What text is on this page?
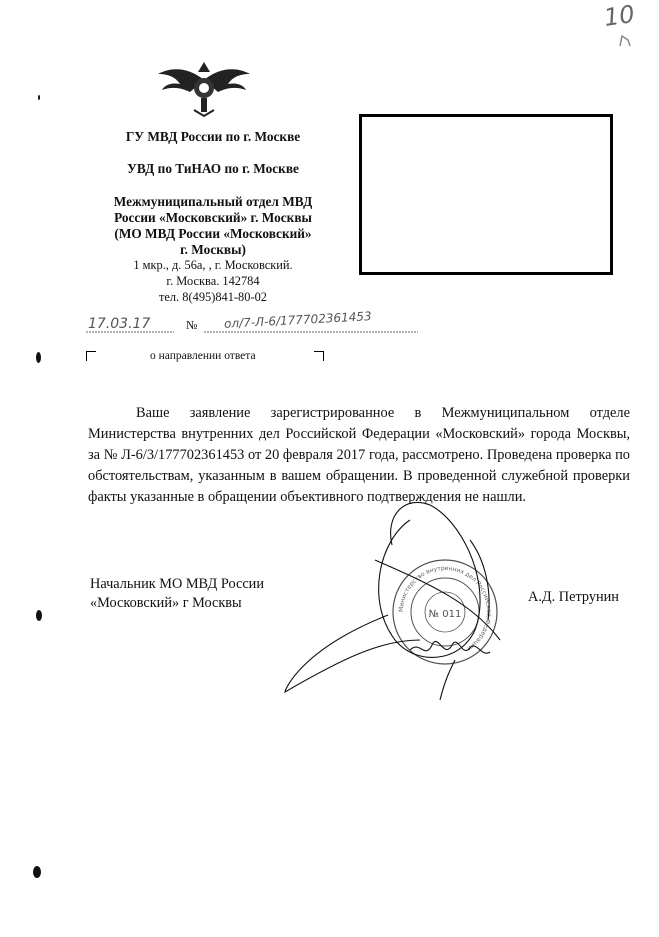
10
ГУ МВД России по г. Москве
УВД по ТиНАО по г. Москве
Межмуниципальный отдел МВД
России «Московский» г. Москвы
(МО МВД России «Московский»
г. Москвы)
1 мкр., д. 56а, , г. Московский.
г. Москва. 142784
тел. 8(495)841-80-02
17.03.17	№ ол/7-Л-6/177702361453
о направлении ответа
Ваше заявление зарегистрированное в Межмуниципальном отделе Министерства внутренних дел Российской Федерации «Московский» города Москвы, за № Л-6/3/177702361453 от 20 февраля 2017 года, рассмотрено. Проведена проверка по обстоятельствам, указанным в вашем обращении. В проведенной служебной проверки факты указанные в обращении объективного подтверждения не нашли.
Начальник МО МВД России
«Московский» г Москвы	А.Д. Петрунин
Министерство внутренних дел Российской Федерации
№ 011
